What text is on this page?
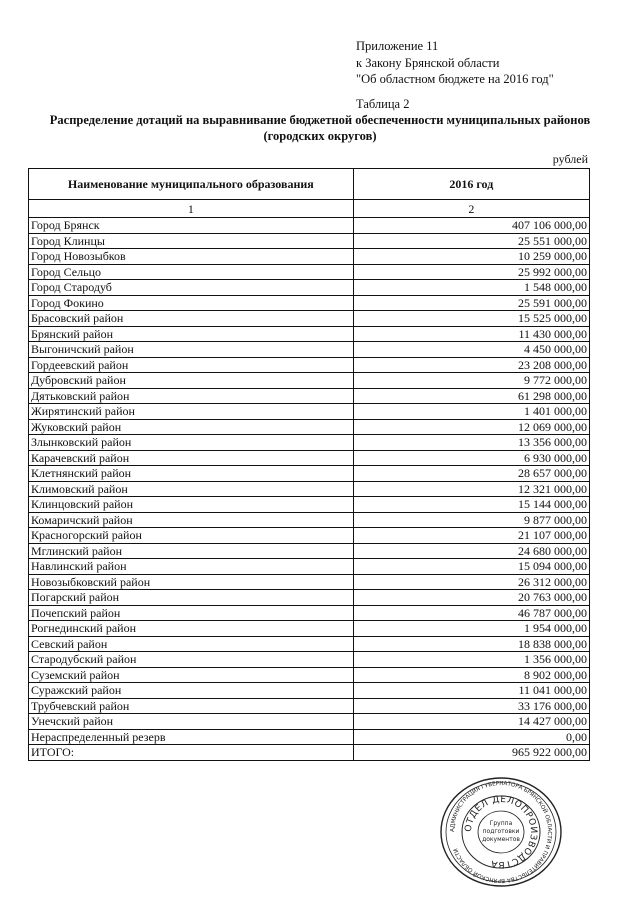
Приложение 11
к Закону Брянской области
"Об областном бюджете на 2016 год"
Таблица 2
Распределение дотаций на выравнивание бюджетной обеспеченности муниципальных районов
(городских округов)
рублей
Наименование муниципального образования	2016 год
1	2
Город Брянск	407 106 000,00
Город Клинцы	25 551 000,00
Город Новозыбков	10 259 000,00
Город Сельцо	25 992 000,00
Город Стародуб	1 548 000,00
Город Фокино	25 591 000,00
Брасовский район	15 525 000,00
Брянский район	11 430 000,00
Выгоничский район	4 450 000,00
Гордеевский район	23 208 000,00
Дубровский район	9 772 000,00
Дятьковский район	61 298 000,00
Жирятинский район	1 401 000,00
Жуковский район	12 069 000,00
Злынковский район	13 356 000,00
Карачевский район	6 930 000,00
Клетнянский район	28 657 000,00
Климовский район	12 321 000,00
Клинцовский район	15 144 000,00
Комаричский район	9 877 000,00
Красногорский район	21 107 000,00
Мглинский район	24 680 000,00
Навлинский район	15 094 000,00
Новозыбковский район	26 312 000,00
Погарский район	20 763 000,00
Почепский район	46 787 000,00
Рогнединский район	1 954 000,00
Севский район	18 838 000,00
Стародубский район	1 356 000,00
Суземский район	8 902 000,00
Суражский район	11 041 000,00
Трубчевский район	33 176 000,00
Унечский район	14 427 000,00
Нераспределенный резерв	0,00
ИТОГО:	965 922 000,00
АДМИНИСТРАЦИЯ ГУБЕРНАТОРА БРЯНСКОЙ ОБЛАСТИ И ПРАВИТЕЛЬСТВА БРЯНСКОЙ ОБЛАСТИ
ОТДЕЛ ДЕЛОПРОИЗВОДСТВА
Группа
подготовки
документов
